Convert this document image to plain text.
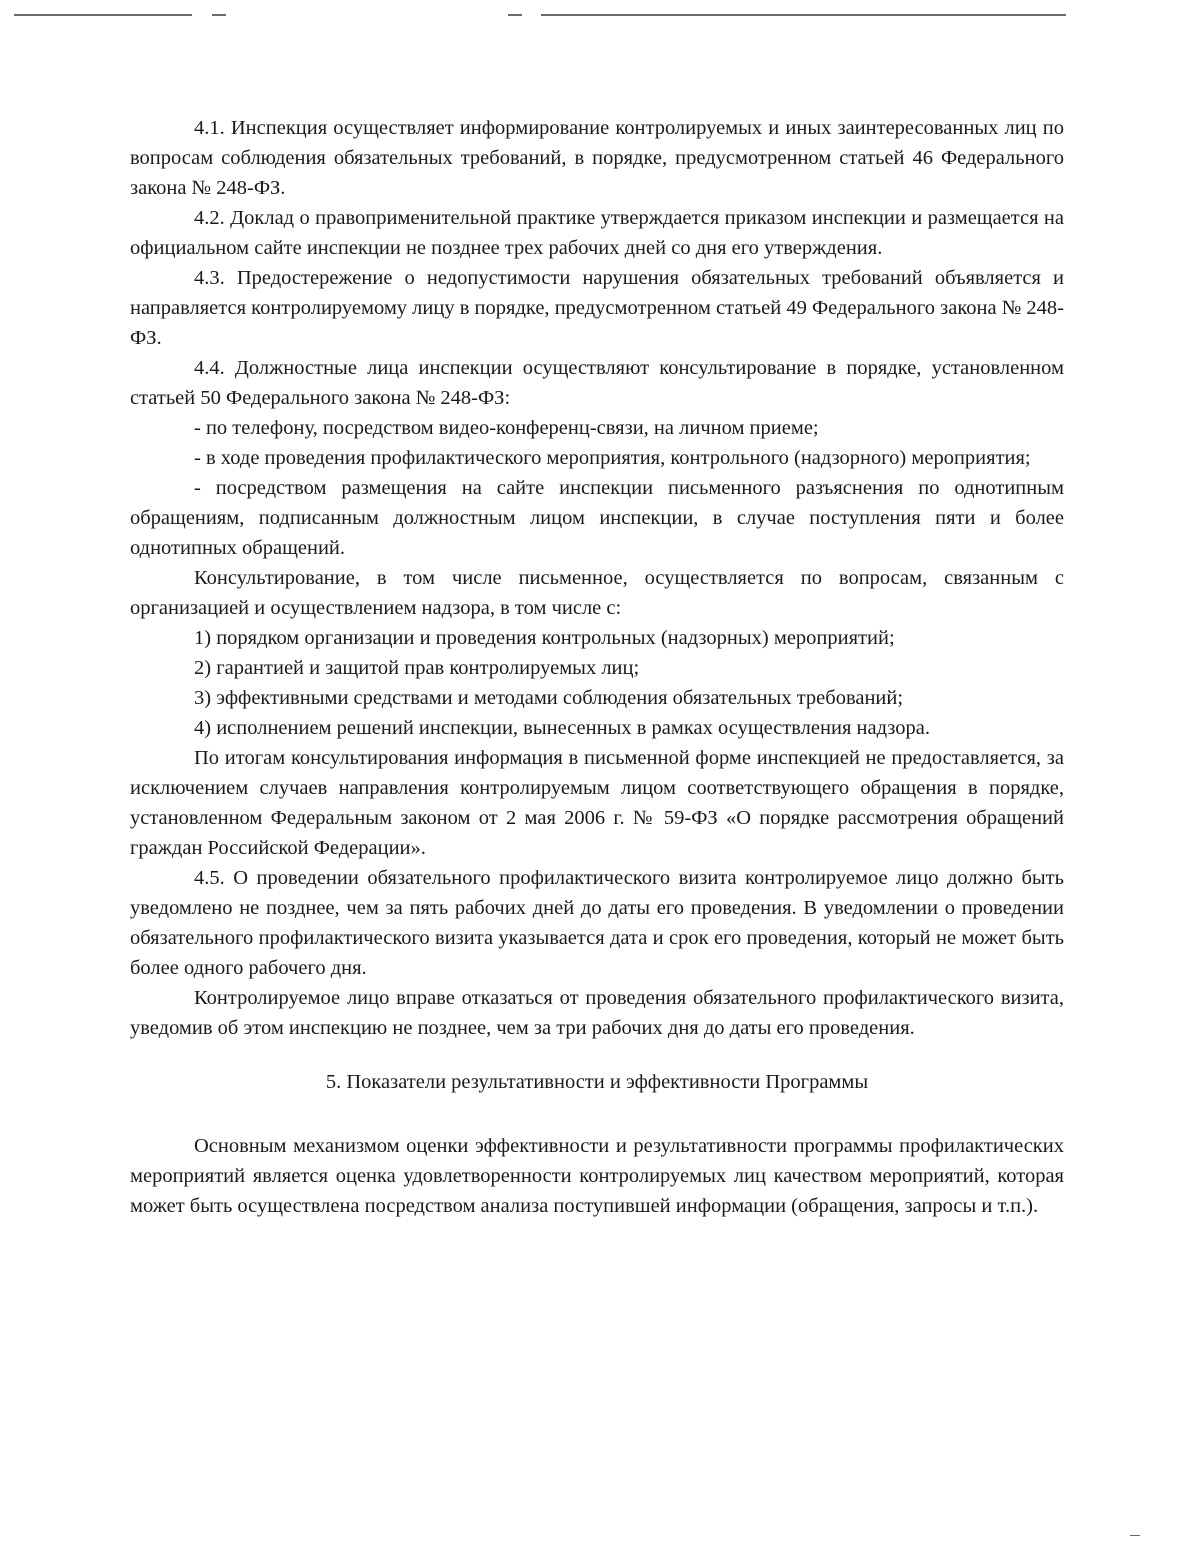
4.1. Инспекция осуществляет информирование контролируемых и иных заинтересованных лиц по вопросам соблюдения обязательных требований, в порядке, предусмотренном статьей 46 Федерального закона № 248-ФЗ.

4.2. Доклад о правоприменительной практике утверждается приказом инспекции и размещается на официальном сайте инспекции не позднее трех рабочих дней со дня его утверждения.

4.3. Предостережение о недопустимости нарушения обязательных требований объявляется и направляется контролируемому лицу в порядке, предусмотренном статьей 49 Федерального закона № 248-ФЗ.

4.4. Должностные лица инспекции осуществляют консультирование в порядке, установленном статьей 50 Федерального закона № 248-ФЗ:

- по телефону, посредством видео-конференц-связи, на личном приеме;

- в ходе проведения профилактического мероприятия, контрольного (надзорного) мероприятия;

- посредством размещения на сайте инспекции письменного разъяснения по однотипным обращениям, подписанным должностным лицом инспекции, в случае поступления пяти и более однотипных обращений.

Консультирование, в том числе письменное, осуществляется по вопросам, связанным с организацией и осуществлением надзора, в том числе с:

1) порядком организации и проведения контрольных (надзорных) мероприятий;

2) гарантией и защитой прав контролируемых лиц;

3) эффективными средствами и методами соблюдения обязательных требований;

4) исполнением решений инспекции, вынесенных в рамках осуществления надзора.

По итогам консультирования информация в письменной форме инспекцией не предоставляется, за исключением случаев направления контролируемым лицом соответствующего обращения в порядке, установленном Федеральным законом от 2 мая 2006 г. № 59-ФЗ «О порядке рассмотрения обращений граждан Российской Федерации».

4.5. О проведении обязательного профилактического визита контролируемое лицо должно быть уведомлено не позднее, чем за пять рабочих дней до даты его проведения. В уведомлении о проведении обязательного профилактического визита указывается дата и срок его проведения, который не может быть более одного рабочего дня.

Контролируемое лицо вправе отказаться от проведения обязательного профилактического визита, уведомив об этом инспекцию не позднее, чем за три рабочих дня до даты его проведения.

5. Показатели результативности и эффективности Программы

Основным механизмом оценки эффективности и результативности программы профилактических мероприятий является оценка удовлетворенности контролируемых лиц качеством мероприятий, которая может быть осуществлена посредством анализа поступившей информации (обращения, запросы и т.п.).
